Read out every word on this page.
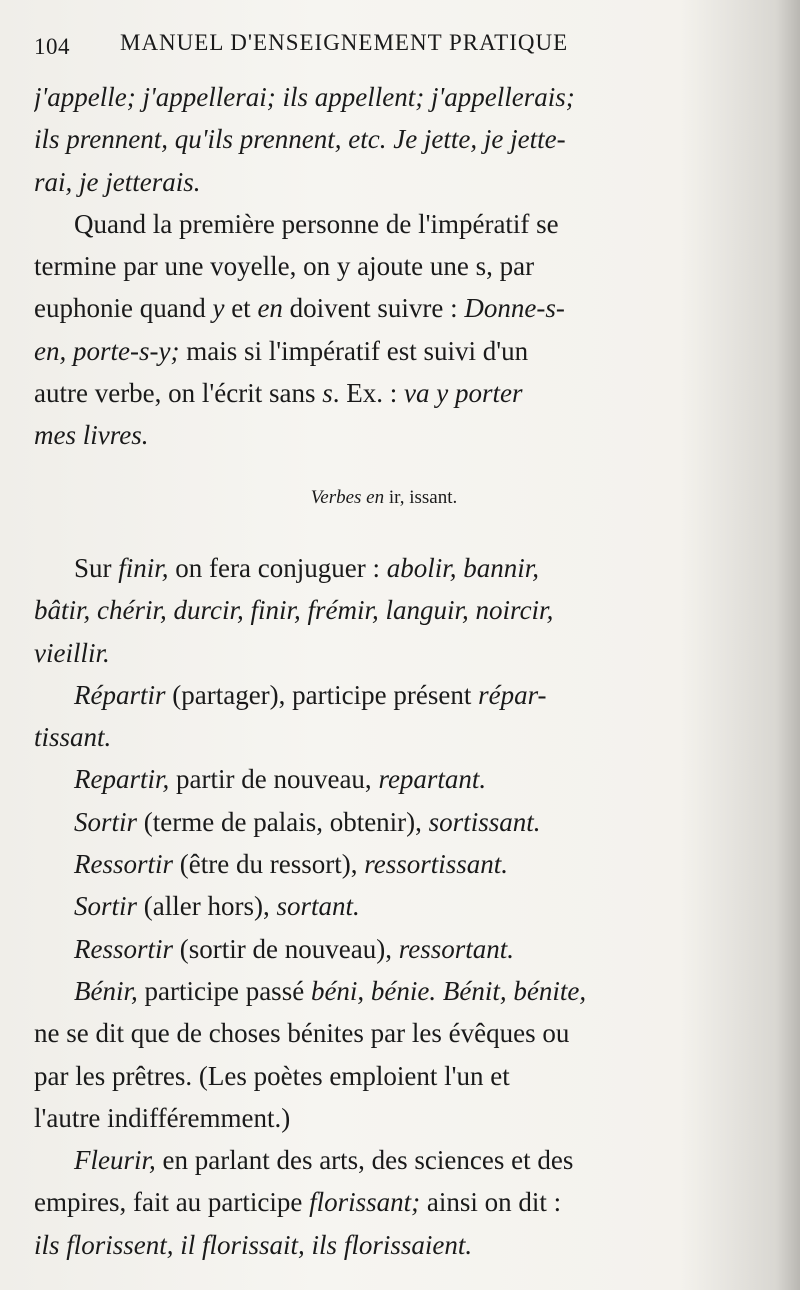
104 MANUEL D'ENSEIGNEMENT PRATIQUE
j'appelle; j'appellerai; ils appellent; j'appellerais;
ils prennent, qu'ils prennent, etc. Je jette, je jette-
rai, je jetterais.
Quand la première personne de l'impératif se
termine par une voyelle, on y ajoute une s, par
euphonie quand y et en doivent suivre : Donne-s-
en, porte-s-y; mais si l'impératif est suivi d'un
autre verbe, on l'écrit sans s. Ex. : va y porter
mes livres.
Verbes en ir, issant.
Sur finir, on fera conjuguer : abolir, bannir,
bâtir, chérir, durcir, finir, frémir, languir, noircir,
vieillir.
Répartir (partager), participe présent répar-
tissant.
Repartir, partir de nouveau, repartant.
Sortir (terme de palais, obtenir), sortissant.
Ressortir (être du ressort), ressortissant.
Sortir (aller hors), sortant.
Ressortir (sortir de nouveau), ressortant.
Bénir, participe passé béni, bénie. Bénit, bénite,
ne se dit que de choses bénites par les évêques ou
par les prêtres. (Les poètes emploient l'un et
l'autre indifféremment.)
Fleurir, en parlant des arts, des sciences et des
empires, fait au participe florissant; ainsi on dit :
ils florissent, il florissait, ils florissaient.
